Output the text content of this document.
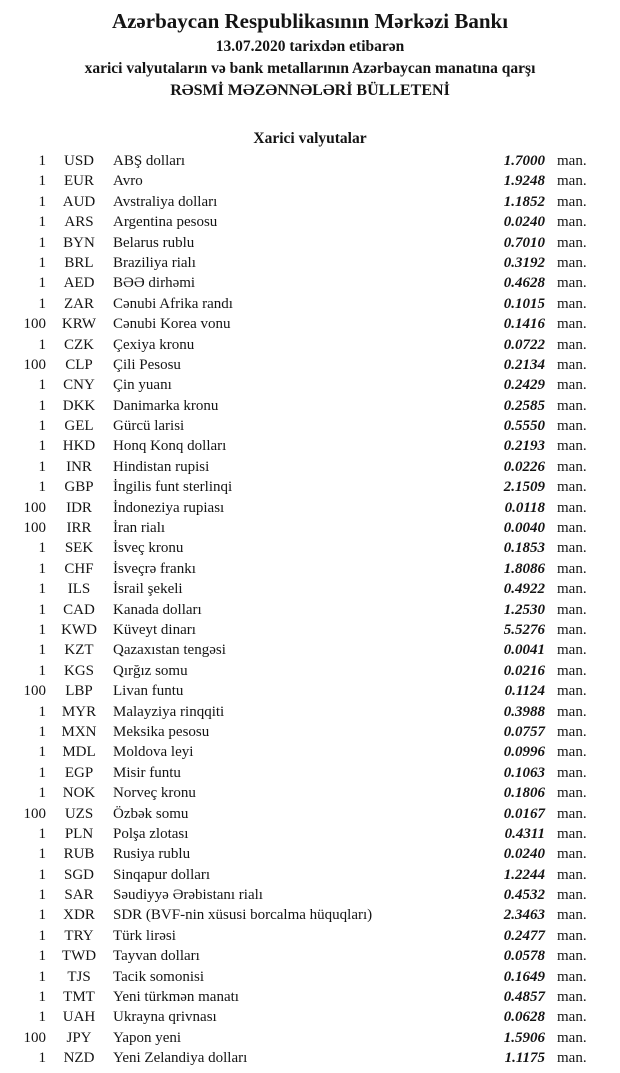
Azərbaycan Respublikasının Mərkəzi Bankı
13.07.2020 tarixdən etibarən
xarici valyutaların və bank metallarının Azərbaycan manatına qarşı
RƏSMİ MƏZƏNNƏLƏRİ BÜLLETENİ
Xarici valyutalar
1	USD	ABŞ dolları	1.7000 man.
1	EUR	Avro	1.9248 man.
1	AUD	Avstraliya dolları	1.1852 man.
1	ARS	Argentina pesosu	0.0240 man.
1	BYN	Belarus rublu	0.7010 man.
1	BRL	Braziliya rialı	0.3192 man.
1	AED	BƏƏ dirhəmi	0.4628 man.
1	ZAR	Cənubi Afrika randı	0.1015 man.
100	KRW	Cənubi Korea vonu	0.1416 man.
1	CZK	Çexiya kronu	0.0722 man.
100	CLP	Çili Pesosu	0.2134 man.
1	CNY	Çin yuanı	0.2429 man.
1	DKK	Danimarka kronu	0.2585 man.
1	GEL	Gürcü larisi	0.5550 man.
1	HKD	Honq Konq dolları	0.2193 man.
1	INR	Hindistan rupisi	0.0226 man.
1	GBP	İngilis funt sterlinqi	2.1509 man.
100	IDR	İndoneziya rupiası	0.0118 man.
100	IRR	İran rialı	0.0040 man.
1	SEK	İsveç kronu	0.1853 man.
1	CHF	İsveçrə frankı	1.8086 man.
1	ILS	İsrail şekeli	0.4922 man.
1	CAD	Kanada dolları	1.2530 man.
1	KWD	Küveyt dinarı	5.5276 man.
1	KZT	Qazaxıstan tengəsi	0.0041 man.
1	KGS	Qırğız somu	0.0216 man.
100	LBP	Livan funtu	0.1124 man.
1	MYR	Malayziya rinqqiti	0.3988 man.
1	MXN	Meksika pesosu	0.0757 man.
1	MDL	Moldova leyi	0.0996 man.
1	EGP	Misir funtu	0.1063 man.
1	NOK	Norveç kronu	0.1806 man.
100	UZS	Özbək somu	0.0167 man.
1	PLN	Polşa zlotası	0.4311 man.
1	RUB	Rusiya rublu	0.0240 man.
1	SGD	Sinqapur dolları	1.2244 man.
1	SAR	Səudiyyə Ərəbistanı rialı	0.4532 man.
1	XDR	SDR (BVF-nin xüsusi borcalma hüquqları)	2.3463 man.
1	TRY	Türk lirəsi	0.2477 man.
1	TWD	Tayvan dolları	0.0578 man.
1	TJS	Tacik somonisi	0.1649 man.
1	TMT	Yeni türkmən manatı	0.4857 man.
1	UAH	Ukrayna qrivnası	0.0628 man.
100	JPY	Yapon yeni	1.5906 man.
1	NZD	Yeni Zelandiya dolları	1.1175 man.
